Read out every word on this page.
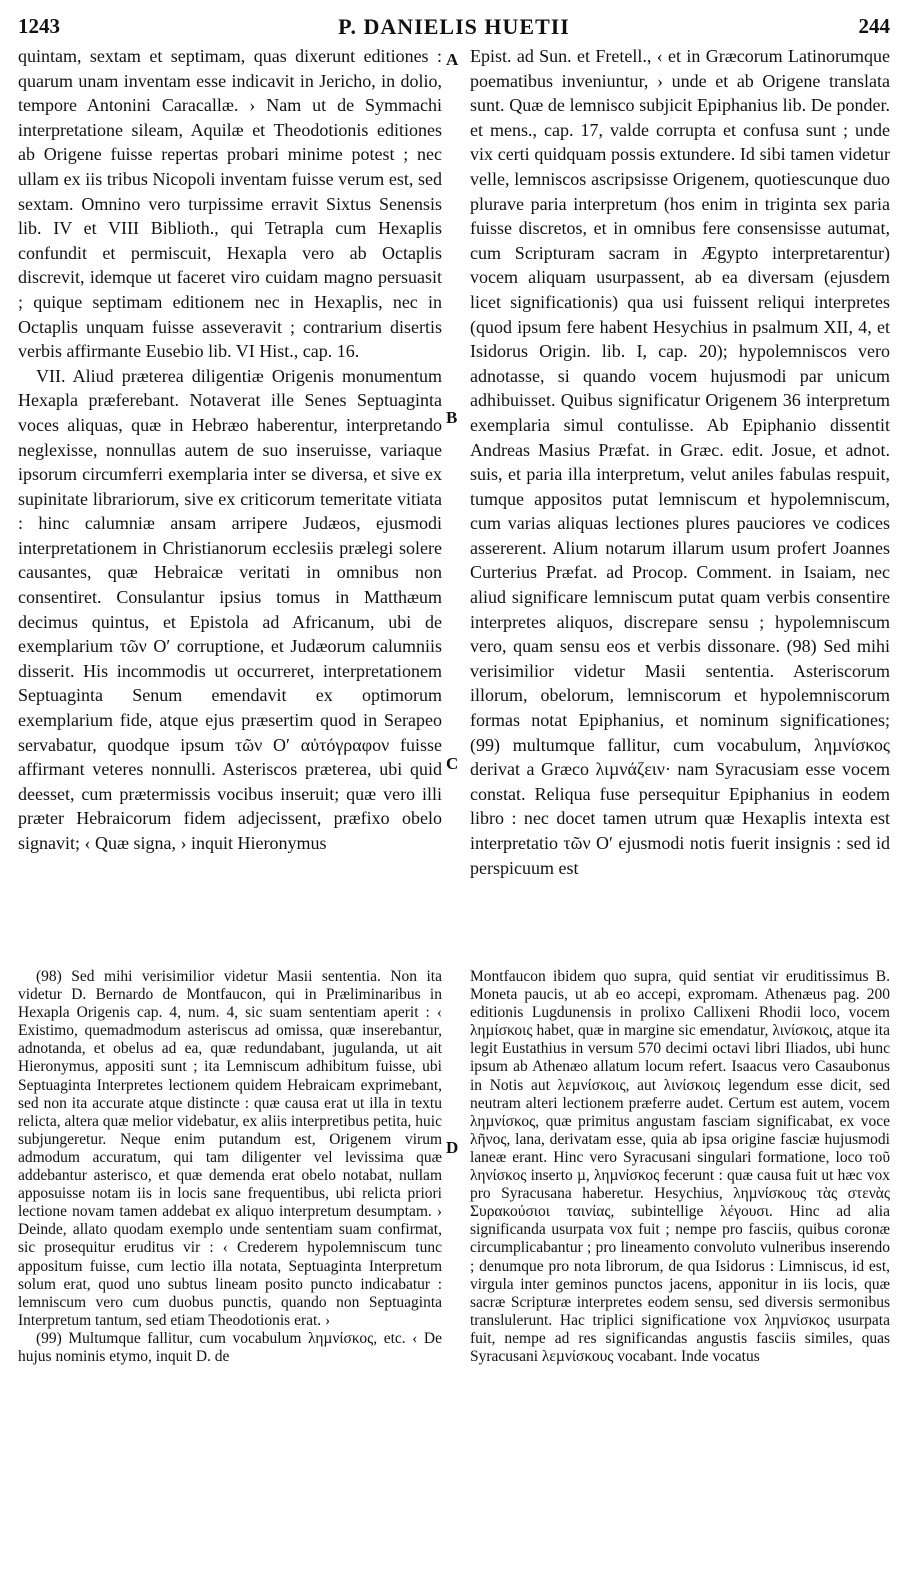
1243	P. DANIELIS HUETII	244

quintam, sextam et septimam, quas dixerunt editiones : quarum unam inventam esse indicavit in Jericho, in dolio, tempore Antonini Caracallæ. › Nam ut de Symmachi interpretatione sileam, Aquilæ et Theodotionis editiones ab Origene fuisse repertas probari minime potest ; nec ullam ex iis tribus Nicopoli inventam fuisse verum est, sed sextam. Omnino vero turpissime erravit Sixtus Senensis lib. IV et VIII Biblioth., qui Tetrapla cum Hexaplis confundit et permiscuit, Hexapla vero ab Octaplis discrevit, idemque ut faceret viro cuidam magno persuasit ; quique septimam editionem nec in Hexaplis, nec in Octaplis unquam fuisse asseveravit ; contrarium disertis verbis affirmante Eusebio lib. VI Hist., cap. 16.

VII. Aliud præterea diligentiæ Origenis monumentum Hexapla præferebant. Notaverat ille Senes Septuaginta voces aliquas, quæ in Hebræo haberentur, interpretando neglexisse, nonnullas autem de suo inseruisse, variaque ipsorum circumferri exemplaria inter se diversa, et sive ex supinitate librariorum, sive ex criticorum temeritate vitiata : hinc calumniæ ansam arripere Judæos, ejusmodi interpretationem in Christianorum ecclesiis prælegi solere causantes, quæ Hebraicæ veritati in omnibus non consentiret. Consulantur ipsius tomus in Matthæum decimus quintus, et Epistola ad Africanum, ubi de exemplarium τῶν Ο′ corruptione, et Judæorum calumniis disserit. His incommodis ut occurreret, interpretationem Septuaginta Senum emendavit ex optimorum exemplarium fide, atque ejus præsertim quod in Serapeo servabatur, quodque ipsum τῶν Ο′ αὐτόγραφον fuisse affirmant veteres nonnulli. Asteriscos præterea, ubi quid deesset, cum prætermissis vocibus inseruit; quæ vero illi præter Hebraicorum fidem adjecissent, præfixo obelo signavit; ‹ Quæ signa, › inquit Hieronymus

Epist. ad Sun. et Fretell., ‹ et in Græcorum Latinorumque poematibus inveniuntur, › unde et ab Origene translata sunt. Quæ de lemnisco subjicit Epiphanius lib. De ponder. et mens., cap. 17, valde corrupta et confusa sunt ; unde vix certi quidquam possis extundere. Id sibi tamen videtur velle, lemniscos ascripsisse Origenem, quotiescunque duo plurave paria interpretum (hos enim in triginta sex paria fuisse discretos, et in omnibus fere consensisse autumat, cum Scripturam sacram in Ægypto interpretarentur) vocem aliquam usurpassent, ab ea diversam (ejusdem licet significationis) qua usi fuissent reliqui interpretes (quod ipsum fere habent Hesychius in psalmum XII, 4, et Isidorus Origin. lib. I, cap. 20); hypolemniscos vero adnotasse, si quando vocem hujusmodi par unicum adhibuisset. Quibus significatur Origenem 36 interpretum exemplaria simul contulisse. Ab Epiphanio dissentit Andreas Masius Præfat. in Græc. edit. Josue, et adnot. suis, et paria illa interpretum, velut aniles fabulas respuit, tumque appositos putat lemniscum et hypolemniscum, cum varias aliquas lectiones plures pauciores ve codices assererent. Alium notarum illarum usum profert Joannes Curterius Præfat. ad Procop. Comment. in Isaiam, nec aliud significare lemniscum putat quam verbis consentire interpretes aliquos, discrepare sensu ; hypolemniscum vero, quam sensu eos et verbis dissonare. (98) Sed mihi verisimilior videtur Masii sententia. Asteriscorum illorum, obelorum, lemniscorum et hypolemniscorum formas notat Epiphanius, et nominum significationes; (99) multumque fallitur, cum vocabulum, ληµνίσκος derivat a Græco λιµνάζειν· nam Syracusiam esse vocem constat. Reliqua fuse persequitur Epiphanius in eodem libro : nec docet tamen utrum quæ Hexaplis intexta est interpretatio τῶν Ο′ ejusmodi notis fuerit insignis : sed id perspicuum est

A
B
C
D

(98) Sed mihi verisimilior videtur Masii sententia. Non ita videtur D. Bernardo de Montfaucon, qui in Præliminaribus in Hexapla Origenis cap. 4, num. 4, sic suam sententiam aperit : ‹ Existimo, quemadmodum asteriscus ad omissa, quæ inserebantur, adnotanda, et obelus ad ea, quæ redundabant, jugulanda, ut ait Hieronymus, appositi sunt ; ita Lemniscum adhibitum fuisse, ubi Septuaginta Interpretes lectionem quidem Hebraicam exprimebant, sed non ita accurate atque distincte : quæ causa erat ut illa in textu relicta, altera quæ melior videbatur, ex aliis interpretibus petita, huic subjungeretur. Neque enim putandum est, Origenem virum admodum accuratum, qui tam diligenter vel levissima quæ addebantur asterisco, et quæ demenda erat obelo notabat, nullam apposuisse notam iis in locis sane frequentibus, ubi relicta priori lectione novam tamen addebat ex aliquo interpretum desumptam. › Deinde, allato quodam exemplo unde sententiam suam confirmat, sic prosequitur eruditus vir : ‹ Crederem hypolemniscum tunc appositum fuisse, cum lectio illa notata, Septuaginta Interpretum solum erat, quod uno subtus lineam posito puncto indicabatur : lemniscum vero cum duobus punctis, quando non Septuaginta Interpretum tantum, sed etiam Theodotionis erat. ›

(99) Multumque fallitur, cum vocabulum ληµνίσκος, etc. ‹ De hujus nominis etymo, inquit D. de

Montfaucon ibidem quo supra, quid sentiat vir eruditissimus B. Moneta paucis, ut ab eo accepi, expromam. Athenæus pag. 200 editionis Lugdunensis in prolixo Callixeni Rhodii loco, vocem ληµίσκοις habet, quæ in margine sic emendatur, λινίσκοις, atque ita legit Eustathius in versum 570 decimi octavi libri Iliados, ubi hunc ipsum ab Athenæo allatum locum refert. Isaacus vero Casaubonus in Notis aut λεµνίσκοις, aut λινίσκοις legendum esse dicit, sed neutram alteri lectionem præferre audet. Certum est autem, vocem ληµνίσκος, quæ primitus angustam fasciam significabat, ex voce λῆνος, lana, derivatam esse, quia ab ipsa origine fasciæ hujusmodi laneæ erant. Hinc vero Syracusani singulari formatione, loco τοῦ ληνίσκος inserto µ, ληµνίσκος fecerunt : quæ causa fuit ut hæc vox pro Syracusana haberetur. Hesychius, ληµνίσκους τὰς στενὰς Συρακούσιοι ταινίας, subintellige λέγουσι. Hinc ad alia significanda usurpata vox fuit ; nempe pro fasciis, quibus coronæ circumplicabantur ; pro lineamento convoluto vulneribus inserendo ; denumque pro nota librorum, de qua Isidorus : Limniscus, id est, virgula inter geminos punctos jacens, apponitur in iis locis, quæ sacræ Scripturæ interpretes eodem sensu, sed diversis sermonibus translulerunt. Hac triplici significatione vox ληµνίσκος usurpata fuit, nempe ad res significandas angustis fasciis similes, quas Syracusani λεµνίσκους vocabant. Inde vocatus
